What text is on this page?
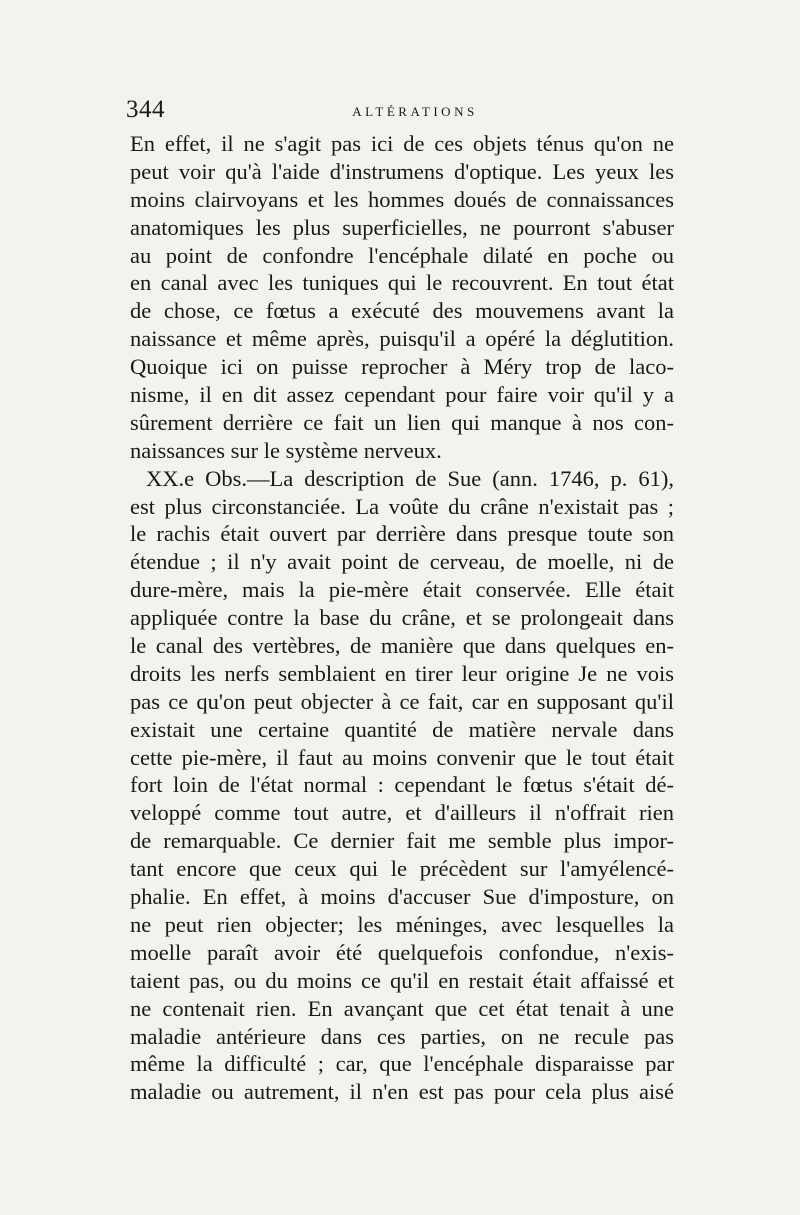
344	ALTÉRATIONS
En effet, il ne s'agit pas ici de ces objets ténus qu'on ne
peut voir qu'à l'aide d'instrumens d'optique. Les yeux les
moins clairvoyans et les hommes doués de connaissances
anatomiques les plus superficielles, ne pourront s'abuser
au point de confondre l'encéphale dilaté en poche ou
en canal avec les tuniques qui le recouvrent. En tout état
de chose, ce fœtus a exécuté des mouvemens avant la
naissance et même après, puisqu'il a opéré la déglutition.
Quoique ici on puisse reprocher à Méry trop de laco-
nisme, il en dit assez cependant pour faire voir qu'il y a
sûrement derrière ce fait un lien qui manque à nos con-
naissances sur le système nerveux.
XX.e Obs.—La description de Sue (ann. 1746, p. 61),
est plus circonstanciée. La voûte du crâne n'existait pas ;
le rachis était ouvert par derrière dans presque toute son
étendue ; il n'y avait point de cerveau, de moelle, ni de
dure-mère, mais la pie-mère était conservée. Elle était
appliquée contre la base du crâne, et se prolongeait dans
le canal des vertèbres, de manière que dans quelques en-
droits les nerfs semblaient en tirer leur origine Je ne vois
pas ce qu'on peut objecter à ce fait, car en supposant qu'il
existait une certaine quantité de matière nervale dans
cette pie-mère, il faut au moins convenir que le tout était
fort loin de l'état normal : cependant le fœtus s'était dé-
veloppé comme tout autre, et d'ailleurs il n'offrait rien
de remarquable. Ce dernier fait me semble plus impor-
tant encore que ceux qui le précèdent sur l'amyélencé-
phalie. En effet, à moins d'accuser Sue d'imposture, on
ne peut rien objecter; les méninges, avec lesquelles la
moelle paraît avoir été quelquefois confondue, n'exis-
taient pas, ou du moins ce qu'il en restait était affaissé et
ne contenait rien. En avançant que cet état tenait à une
maladie antérieure dans ces parties, on ne recule pas
même la difficulté ; car, que l'encéphale disparaisse par
maladie ou autrement, il n'en est pas pour cela plus aisé
